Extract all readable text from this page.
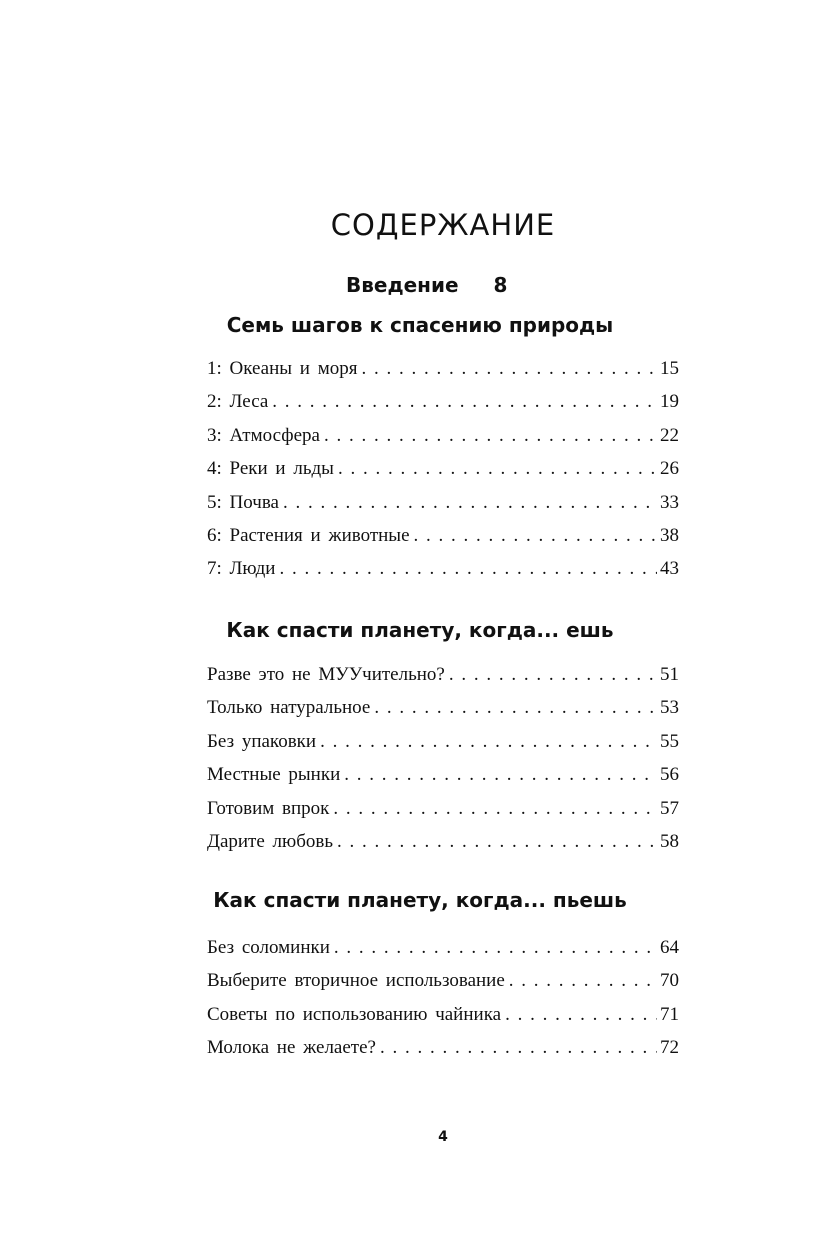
СОДЕРЖАНИЕ
Введение 8
Семь шагов к спасению природы
1: Океаны и моря . . .	15
2: Леса . . .	19
3: Атмосфера . . .	22
4: Реки и льды . . .	26
5: Почва . . .	33
6: Растения и животные . . .	38
7: Люди . . .	43
Как спасти планету, когда... ешь
Разве это не МУУчительно? . . .	51
Только натуральное . . .	53
Без упаковки . . .	55
Местные рынки . . .	56
Готовим впрок . . .	57
Дарите любовь . . .	58
Как спасти планету, когда... пьешь
Без соломинки . . .	64
Выберите вторичное использование . . .	70
Советы по использованию чайника . . .	71
Молока не желаете? . . .	72
4
